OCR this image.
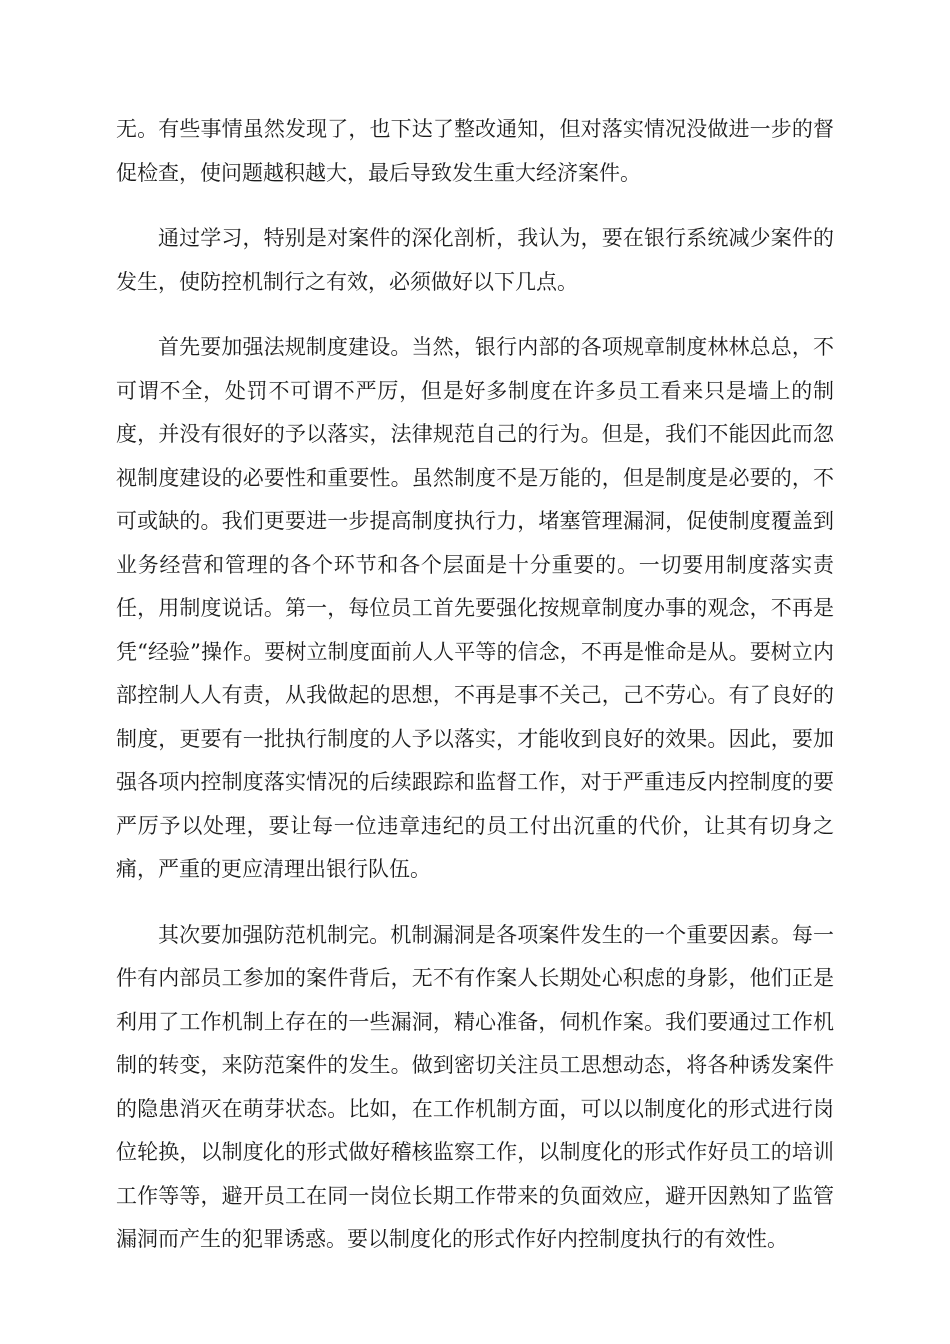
无。有些事情虽然发现了，也下达了整改通知，但对落实情况没做进一步的督促检查，使问题越积越大，最后导致发生重大经济案件。

通过学习，特别是对案件的深化剖析，我认为，要在银行系统减少案件的发生，使防控机制行之有效，必须做好以下几点。

首先要加强法规制度建设。当然，银行内部的各项规章制度林林总总，不可谓不全，处罚不可谓不严厉，但是好多制度在许多员工看来只是墙上的制度，并没有很好的予以落实，法律规范自己的行为。但是，我们不能因此而忽视制度建设的必要性和重要性。虽然制度不是万能的，但是制度是必要的，不可或缺的。我们更要进一步提高制度执行力，堵塞管理漏洞，促使制度覆盖到业务经营和管理的各个环节和各个层面是十分重要的。一切要用制度落实责任，用制度说话。第一，每位员工首先要强化按规章制度办事的观念，不再是凭“经验”操作。要树立制度面前人人平等的信念，不再是惟命是从。要树立内部控制人人有责，从我做起的思想，不再是事不关己，己不劳心。有了良好的制度，更要有一批执行制度的人予以落实，才能收到良好的效果。因此，要加强各项内控制度落实情况的后续跟踪和监督工作，对于严重违反内控制度的要严厉予以处理，要让每一位违章违纪的员工付出沉重的代价，让其有切身之痛，严重的更应清理出银行队伍。

其次要加强防范机制完。机制漏洞是各项案件发生的一个重要因素。每一件有内部员工参加的案件背后，无不有作案人长期处心积虑的身影，他们正是利用了工作机制上存在的一些漏洞，精心准备，伺机作案。我们要通过工作机制的转变，来防范案件的发生。做到密切关注员工思想动态，将各种诱发案件的隐患消灭在萌芽状态。比如，在工作机制方面，可以以制度化的形式进行岗位轮换，以制度化的形式做好稽核监察工作，以制度化的形式作好员工的培训工作等等，避开员工在同一岗位长期工作带来的负面效应，避开因熟知了监管漏洞而产生的犯罪诱惑。要以制度化的形式作好内控制度执行的有效性。
